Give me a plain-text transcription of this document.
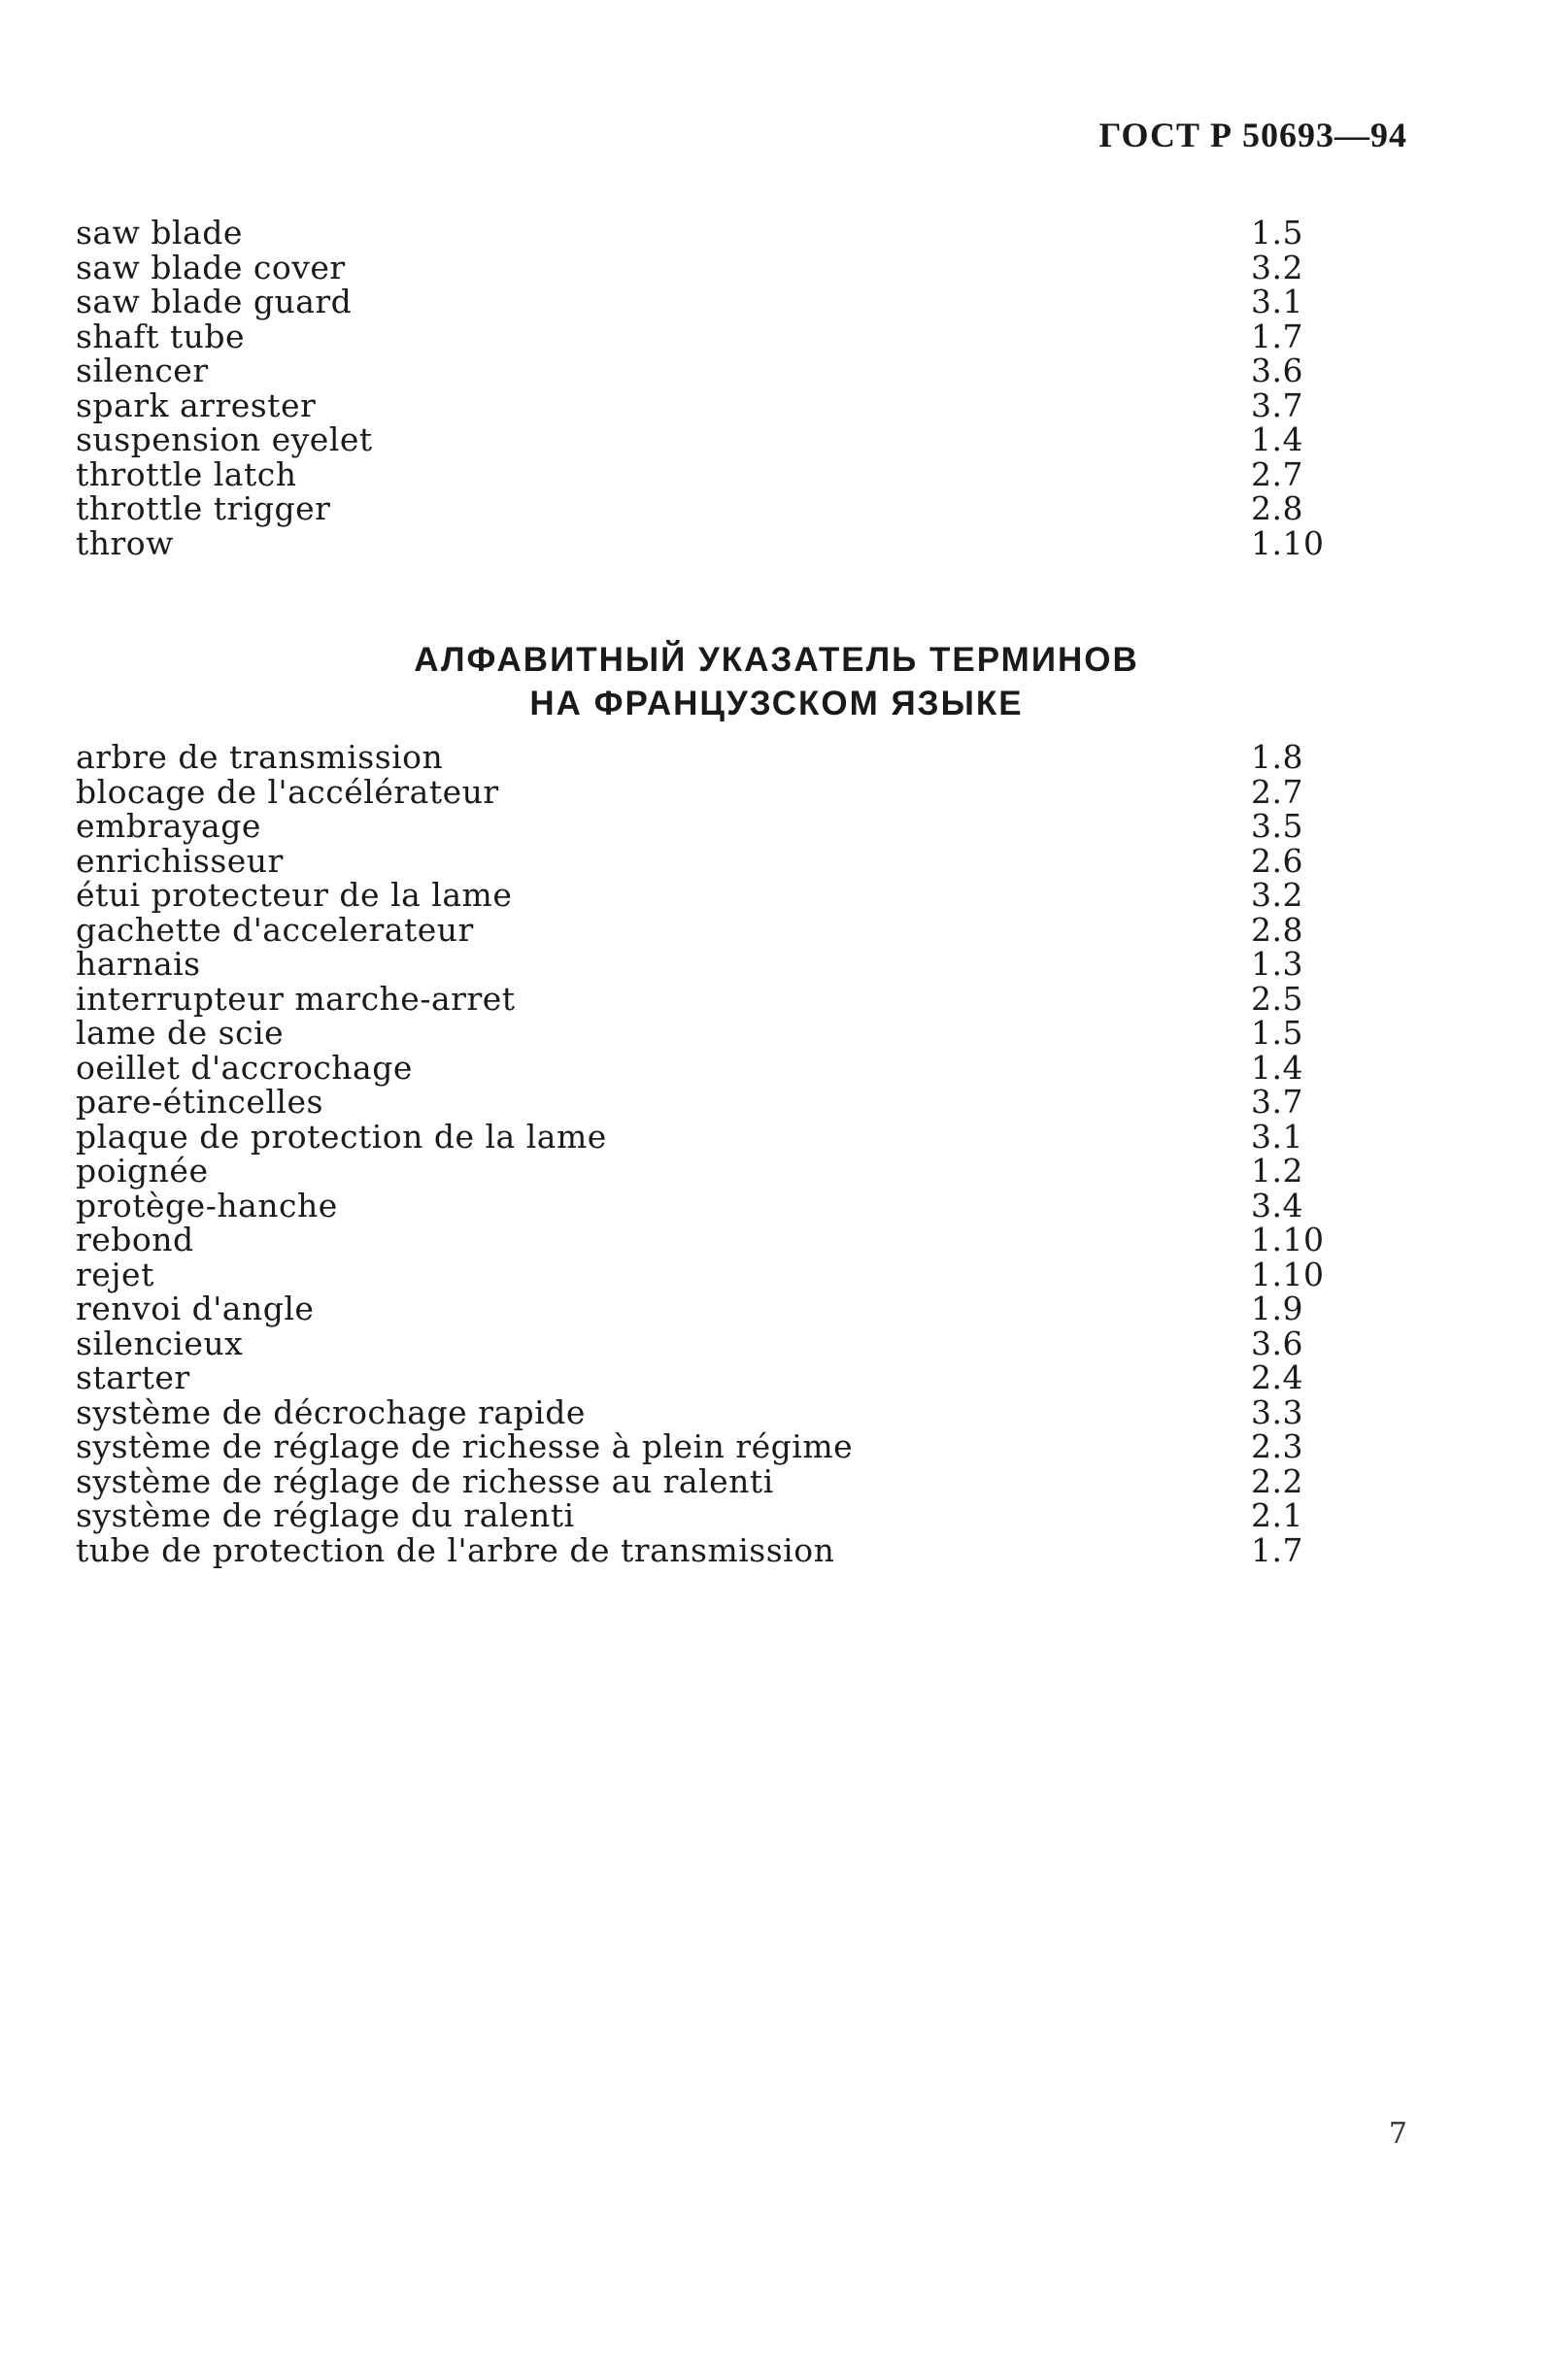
ГОСТ Р 50693—94
saw blade	1.5
saw blade cover	3.2
saw blade guard	3.1
shaft tube	1.7
silencer	3.6
spark arrester	3.7
suspension eyelet	1.4
throttle latch	2.7
throttle trigger	2.8
throw	1.10
АЛФАВИТНЫЙ УКАЗАТЕЛЬ ТЕРМИНОВ
НА ФРАНЦУЗСКОМ ЯЗЫКЕ
arbre de transmission	1.8
blocage de l'accélérateur	2.7
embrayage	3.5
enrichisseur	2.6
étui protecteur de la lame	3.2
gachette d'accelerateur	2.8
harnais	1.3
interrupteur marche-arret	2.5
lame de scie	1.5
oeillet d'accrochage	1.4
pare-étincelles	3.7
plaque de protection de la lame	3.1
poignée	1.2
protège-hanche	3.4
rebond	1.10
rejet	1.10
renvoi d'angle	1.9
silencieux	3.6
starter	2.4
système de décrochage rapide	3.3
système de réglage de richesse à plein régime	2.3
système de réglage de richesse au ralenti	2.2
système de réglage du ralenti	2.1
tube de protection de l'arbre de transmission	1.7
7
